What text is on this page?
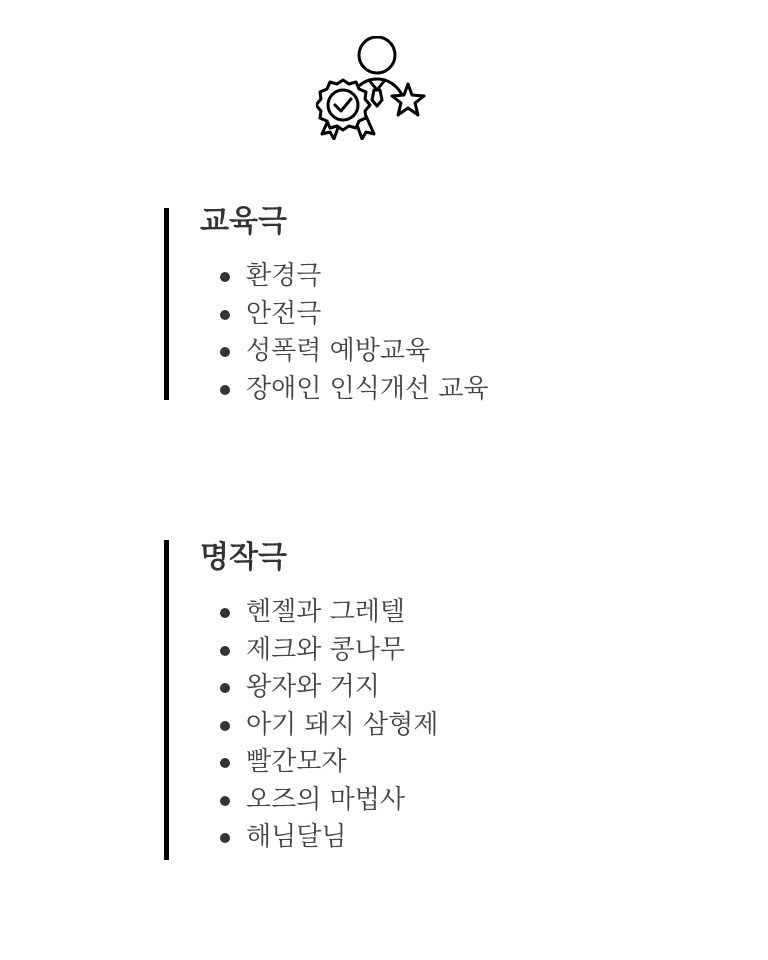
교육극
환경극
안전극
성폭력 예방교육
장애인 인식개선 교육
명작극
헨젤과 그레텔
제크와 콩나무
왕자와 거지
아기 돼지 삼형제
빨간모자
오즈의 마법사
해님달님
